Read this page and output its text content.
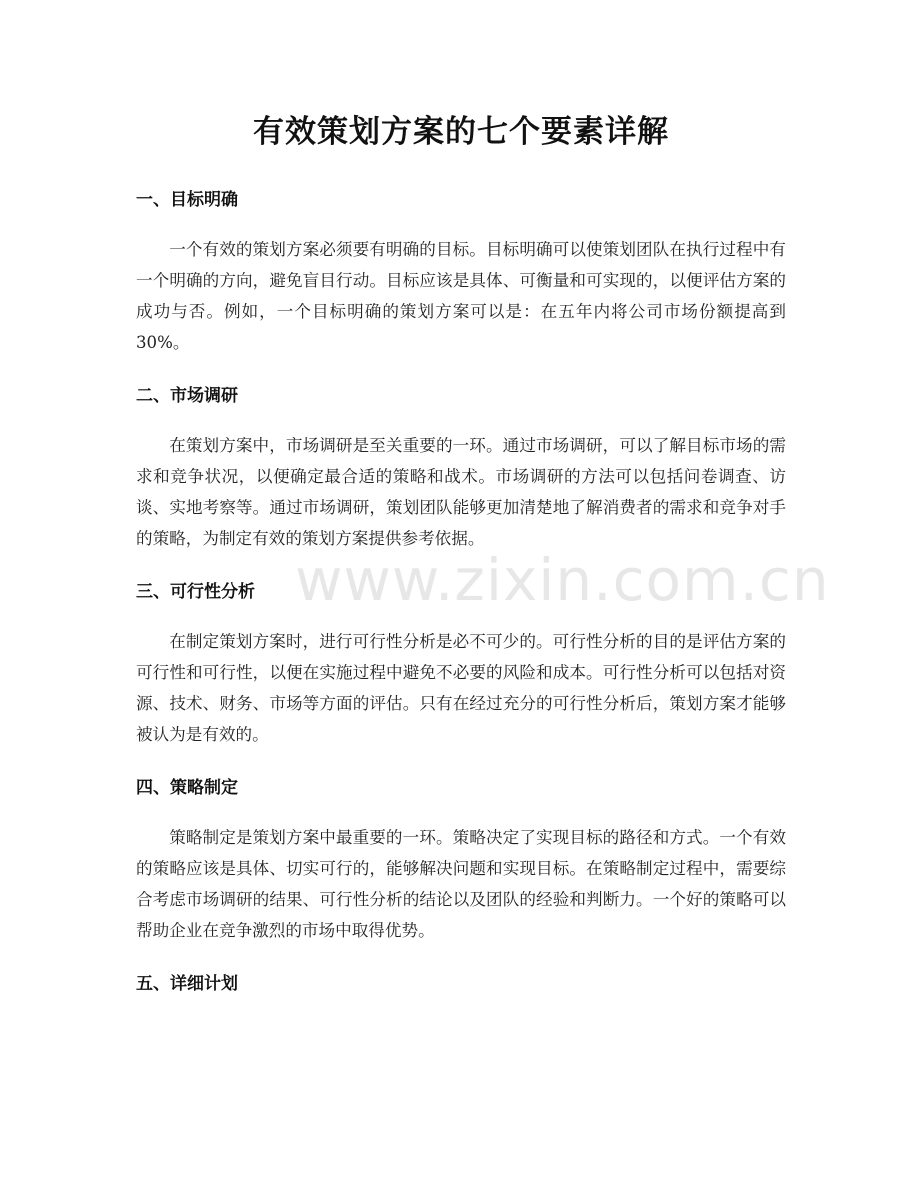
有效策划方案的七个要素详解
一、目标明确

一个有效的策划方案必须要有明确的目标。目标明确可以使策划团队在执行过程中有一个明确的方向，避免盲目行动。目标应该是具体、可衡量和可实现的，以便评估方案的成功与否。例如，一个目标明确的策划方案可以是：在五年内将公司市场份额提高到30%。

二、市场调研

在策划方案中，市场调研是至关重要的一环。通过市场调研，可以了解目标市场的需求和竞争状况，以便确定最合适的策略和战术。市场调研的方法可以包括问卷调查、访谈、实地考察等。通过市场调研，策划团队能够更加清楚地了解消费者的需求和竞争对手的策略，为制定有效的策划方案提供参考依据。

三、可行性分析

在制定策划方案时，进行可行性分析是必不可少的。可行性分析的目的是评估方案的可行性和可行性，以便在实施过程中避免不必要的风险和成本。可行性分析可以包括对资源、技术、财务、市场等方面的评估。只有在经过充分的可行性分析后，策划方案才能够被认为是有效的。

四、策略制定

策略制定是策划方案中最重要的一环。策略决定了实现目标的路径和方式。一个有效的策略应该是具体、切实可行的，能够解决问题和实现目标。在策略制定过程中，需要综合考虑市场调研的结果、可行性分析的结论以及团队的经验和判断力。一个好的策略可以帮助企业在竞争激烈的市场中取得优势。

五、详细计划
www.zixin.com.cn
